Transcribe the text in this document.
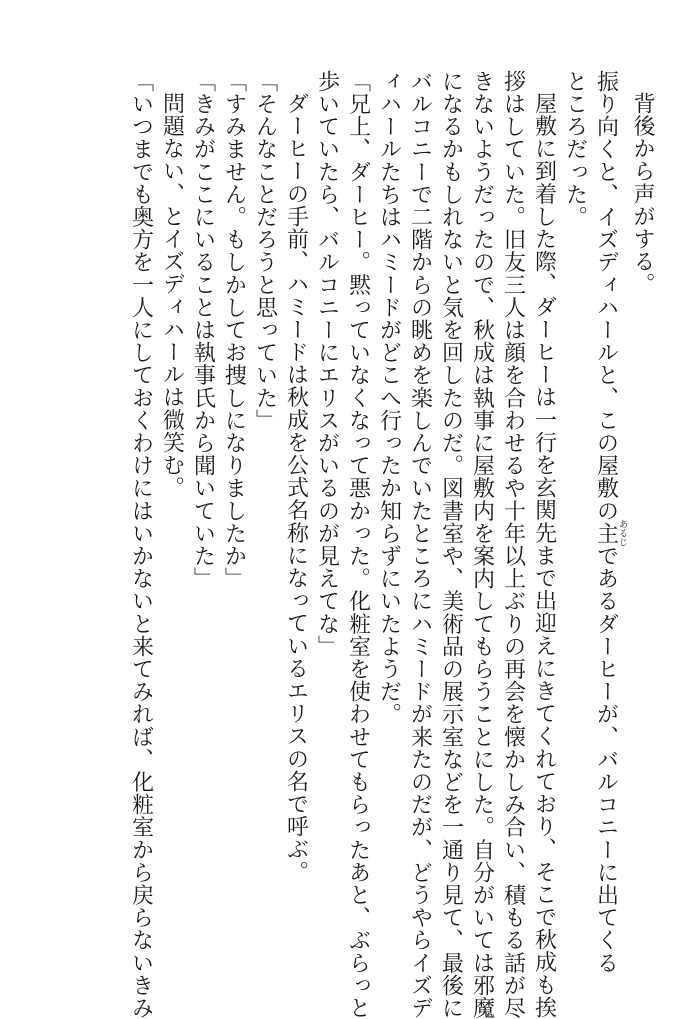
背後から声がする。
振り向くと、イズディハールと、この屋敷の主あるじであるダーヒーが、バルコニーに出てくる
ところだった。
屋敷に到着した際、ダーヒーは一行を玄関先まで出迎えにきてくれており、そこで秋成も挨
拶はしていた。旧友三人は顔を合わせるや十年以上ぶりの再会を懐かしみ合い、積もる話が尽
きないようだったので、秋成は執事に屋敷内を案内してもらうことにした。自分がいては邪魔
になるかもしれないと気を回したのだ。図書室や、美術品の展示室などを一通り見て、最後に
バルコニーで二階からの眺めを楽しんでいたところにハミードが来たのだが、どうやらイズデ
ィハールたちはハミードがどこへ行ったか知らずにいたようだ。
「兄上、ダーヒー。黙っていなくなって悪かった。化粧室を使わせてもらったあと、ぶらっと
歩いていたら、バルコニーにエリスがいるのが見えてな」
ダーヒーの手前、ハミードは秋成を公式名称になっているエリスの名で呼ぶ。
「そんなことだろうと思っていた」
「すみません。もしかしてお捜しになりましたか」
「きみがここにいることは執事氏から聞いていた」
問題ない、とイズディハールは微笑む。
「いつまでも奥方を一人にしておくわけにはいかないと来てみれば、化粧室から戻らないきみ
